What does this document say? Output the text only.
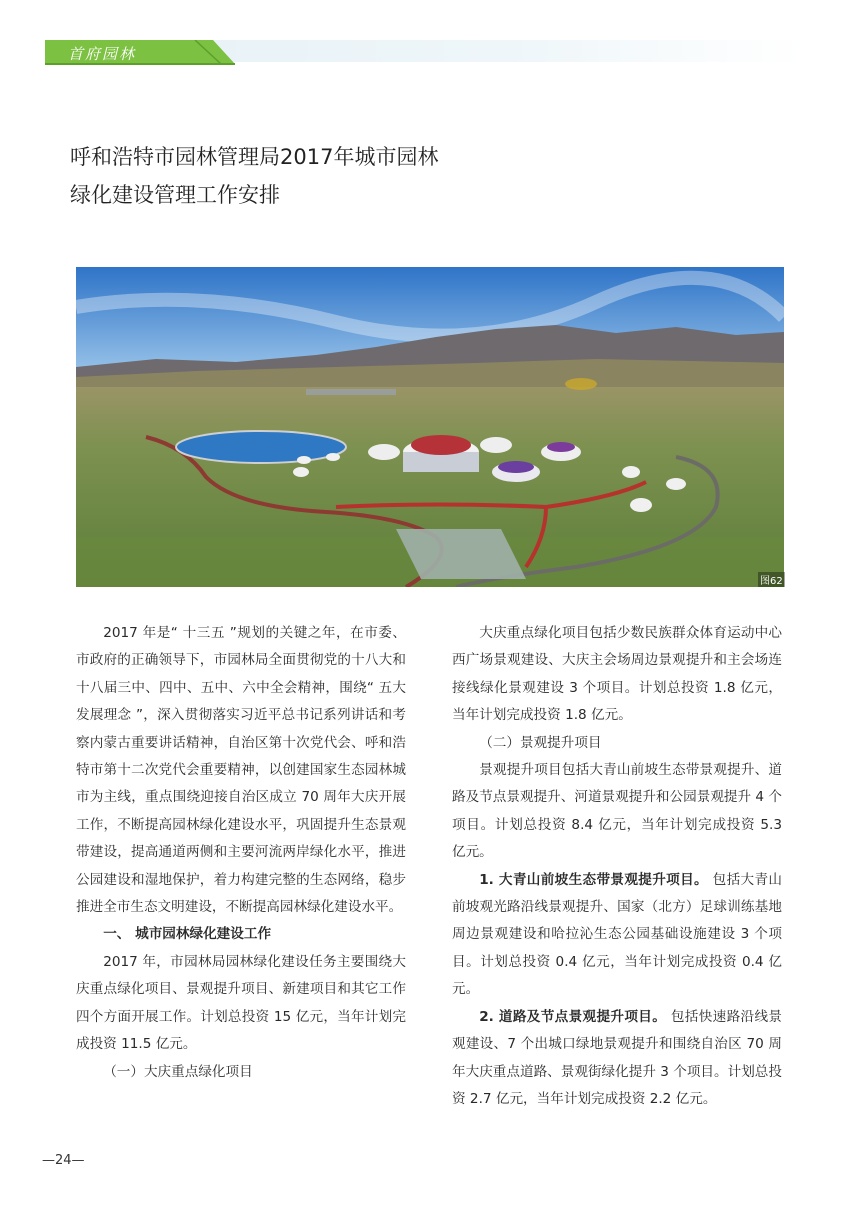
首府园林
呼和浩特市园林管理局2017年城市园林
绿化建设管理工作安排
图62

2017 年是“ 十三五 ”规划的关键之年，在市委、市政府的正确领导下，市园林局全面贯彻党的十八大和十八届三中、四中、五中、六中全会精神，围绕“ 五大发展理念 ”，深入贯彻落实习近平总书记系列讲话和考察内蒙古重要讲话精神，自治区第十次党代会、呼和浩特市第十二次党代会重要精神，以创建国家生态园林城市为主线，重点围绕迎接自治区成立 70 周年大庆开展工作，不断提高园林绿化建设水平，巩固提升生态景观带建设，提高通道两侧和主要河流两岸绿化水平，推进公园建设和湿地保护，着力构建完整的生态网络，稳步推进全市生态文明建设，不断提高园林绿化建设水平。

一、 城市园林绿化建设工作

2017 年，市园林局园林绿化建设任务主要围绕大庆重点绿化项目、景观提升项目、新建项目和其它工作四个方面开展工作。计划总投资 15 亿元，当年计划完成投资 11.5 亿元。

（一）大庆重点绿化项目

大庆重点绿化项目包括少数民族群众体育运动中心西广场景观建设、大庆主会场周边景观提升和主会场连接线绿化景观建设 3 个项目。计划总投资 1.8 亿元，当年计划完成投资 1.8 亿元。

（二）景观提升项目

景观提升项目包括大青山前坡生态带景观提升、道路及节点景观提升、河道景观提升和公园景观提升 4 个项目。计划总投资 8.4 亿元，当年计划完成投资 5.3 亿元。

1. 大青山前坡生态带景观提升项目。 包括大青山前坡观光路沿线景观提升、国家（北方）足球训练基地周边景观建设和哈拉沁生态公园基础设施建设 3 个项目。计划总投资 0.4 亿元，当年计划完成投资 0.4 亿元。

2. 道路及节点景观提升项目。 包括快速路沿线景观建设、7 个出城口绿地景观提升和围绕自治区 70 周年大庆重点道路、景观街绿化提升 3 个项目。计划总投资 2.7 亿元，当年计划完成投资 2.2 亿元。

—24—
